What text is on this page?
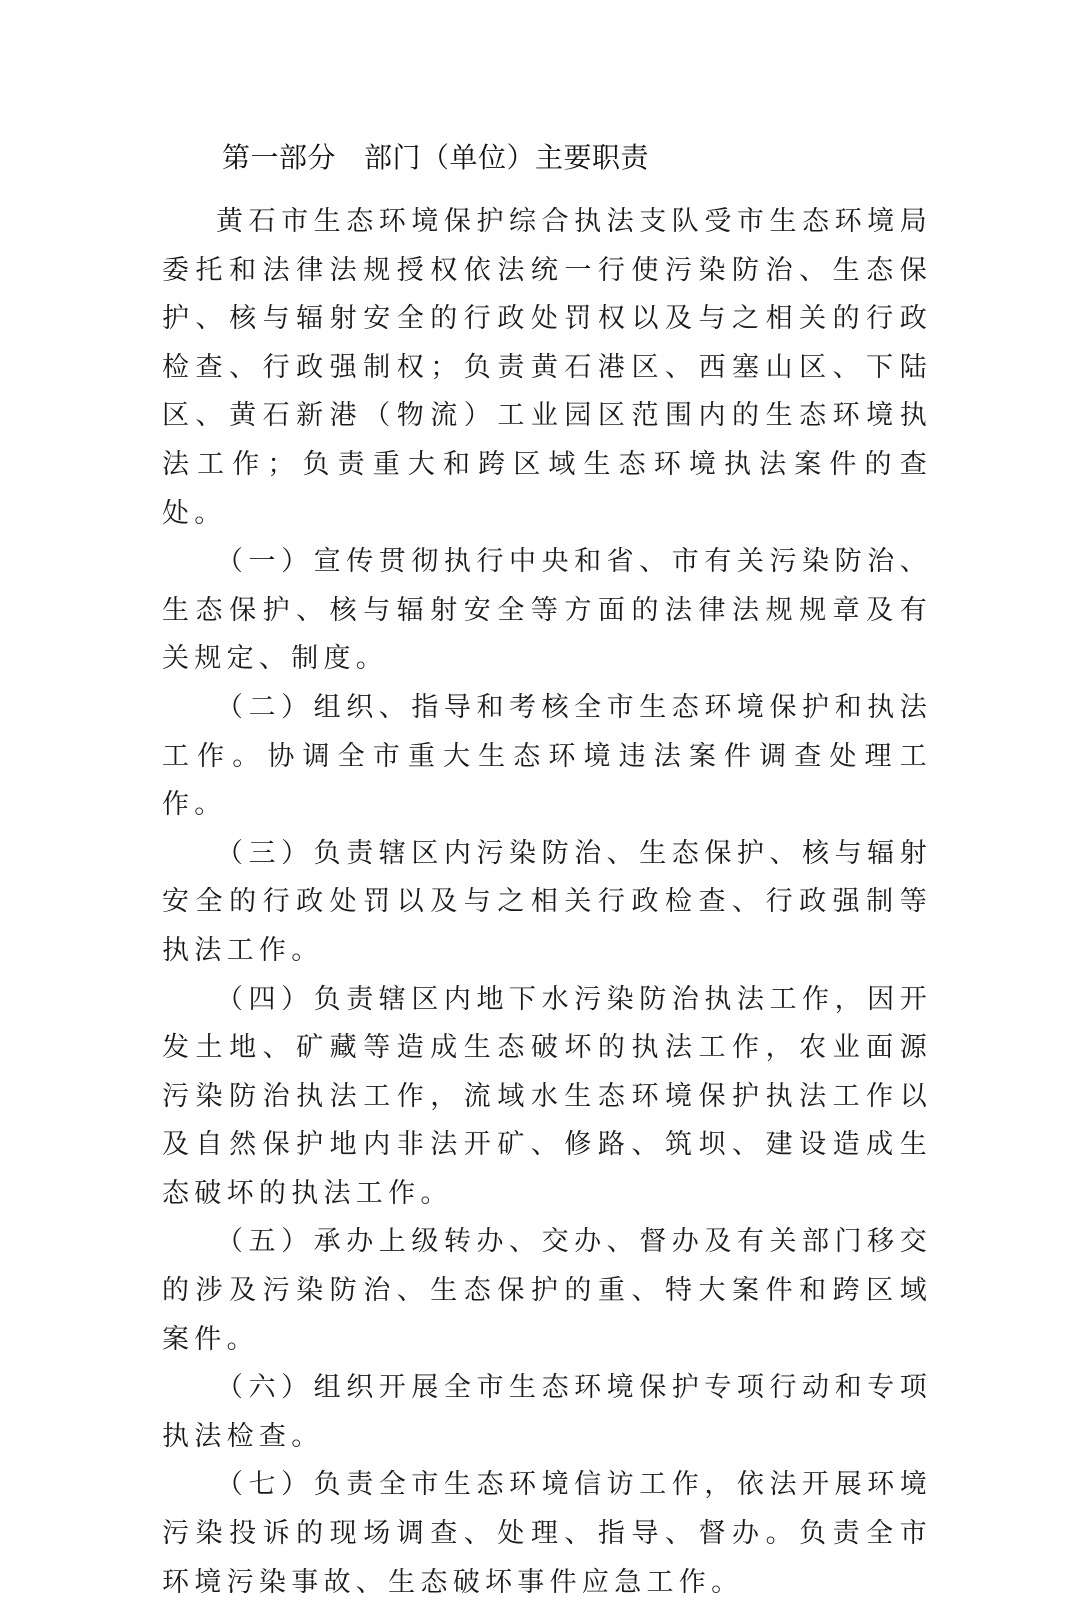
第一部分 部门（单位）主要职责

黄石市生态环境保护综合执法支队受市生态环境局委托和法律法规授权依法统一行使污染防治、生态保护、核与辐射安全的行政处罚权以及与之相关的行政检查、行政强制权；负责黄石港区、西塞山区、下陆区、黄石新港（物流）工业园区范围内的生态环境执法工作；负责重大和跨区域生态环境执法案件的查处。

（一）宣传贯彻执行中央和省、市有关污染防治、生态保护、核与辐射安全等方面的法律法规规章及有关规定、制度。

（二）组织、指导和考核全市生态环境保护和执法工作。协调全市重大生态环境违法案件调查处理工作。

（三）负责辖区内污染防治、生态保护、核与辐射安全的行政处罚以及与之相关行政检查、行政强制等执法工作。

（四）负责辖区内地下水污染防治执法工作，因开发土地、矿藏等造成生态破坏的执法工作，农业面源污染防治执法工作，流域水生态环境保护执法工作以及自然保护地内非法开矿、修路、筑坝、建设造成生态破坏的执法工作。

（五）承办上级转办、交办、督办及有关部门移交的涉及污染防治、生态保护的重、特大案件和跨区域案件。

（六）组织开展全市生态环境保护专项行动和专项执法检查。

（七）负责全市生态环境信访工作，依法开展环境污染投诉的现场调查、处理、指导、督办。负责全市环境污染事故、生态破坏事件应急工作。
